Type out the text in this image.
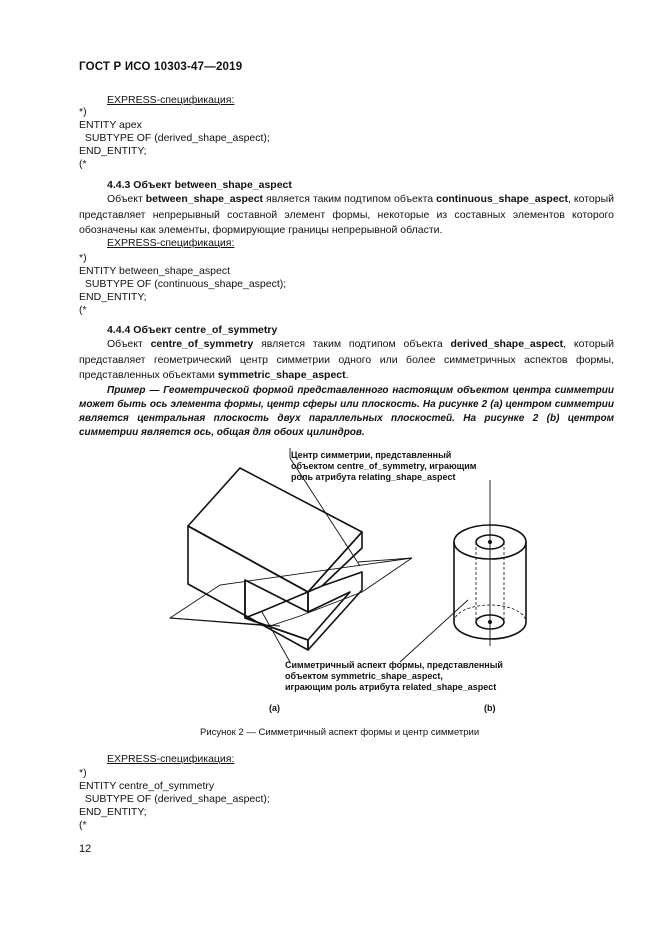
ГОСТ Р ИСО 10303-47—2019
EXPRESS-спецификация:
*)
ENTITY apex
SUBTYPE OF (derived_shape_aspect);
END_ENTITY;
(*
4.4.3 Объект between_shape_aspect
Объект between_shape_aspect является таким подтипом объекта continuous_shape_aspect, который представляет непрерывный составной элемент формы, некоторые из составных элементов которого обозначены как элементы, формирующие границы непрерывной области.
EXPRESS-спецификация:
*)
ENTITY between_shape_aspect
SUBTYPE OF (continuous_shape_aspect);
END_ENTITY;
(*
4.4.4 Объект centre_of_symmetry
Объект centre_of_symmetry является таким подтипом объекта derived_shape_aspect, который представляет геометрический центр симметрии одного или более симметричных аспектов формы, представленных объектами symmetric_shape_aspect.
Пример — Геометрической формой представленного настоящим объектом центра симметрии может быть ось элемента формы, центр сферы или плоскость. На рисунке 2 (а) центром симметрии является центральная плоскость двух параллельных плоскостей. На рисунке 2 (b) центром симметрии является ось, общая для обоих цилиндров.
Центр симметрии, представленный
объектом centre_of_symmetry, играющим
роль атрибута relating_shape_aspect
Симметричный аспект формы, представленный
объектом symmetric_shape_aspect,
играющим роль атрибута related_shape_aspect
(a)	(b)
Рисунок 2 — Симметричный аспект формы и центр симметрии
EXPRESS-спецификация:
*)
ENTITY centre_of_symmetry
SUBTYPE OF (derived_shape_aspect);
END_ENTITY;
(*
12
